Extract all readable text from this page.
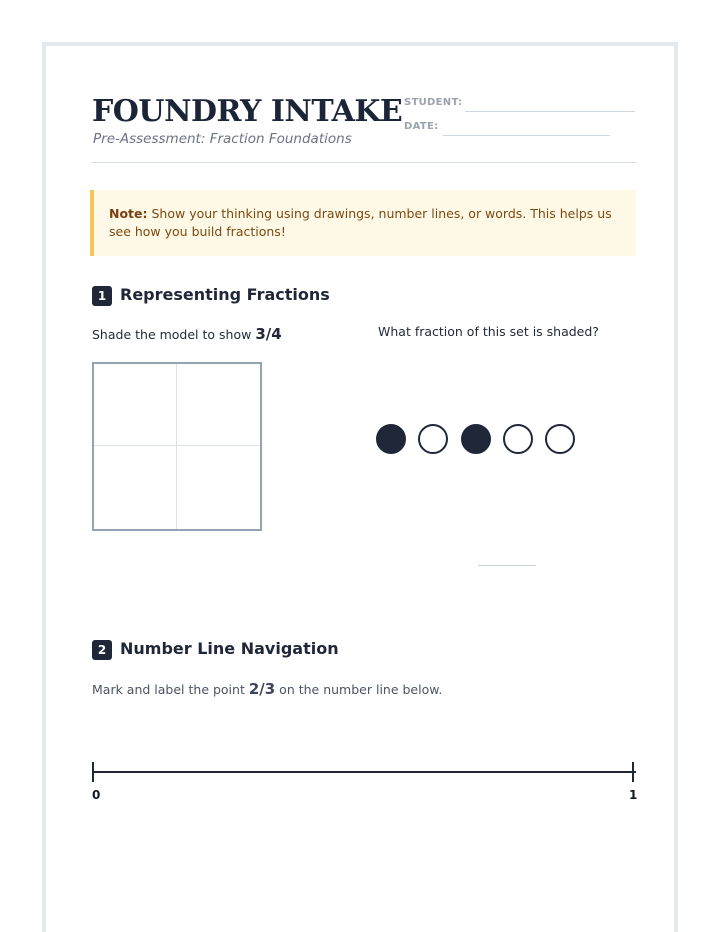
FOUNDRY INTAKE
Pre-Assessment: Fraction Foundations
STUDENT:
DATE:
Note: Show your thinking using drawings, number lines, or words. This helps us see how you build fractions!
1 Representing Fractions
Shade the model to show 3/4	What fraction of this set is shaded?
2 Number Line Navigation
Mark and label the point 2/3 on the number line below.
0	1
